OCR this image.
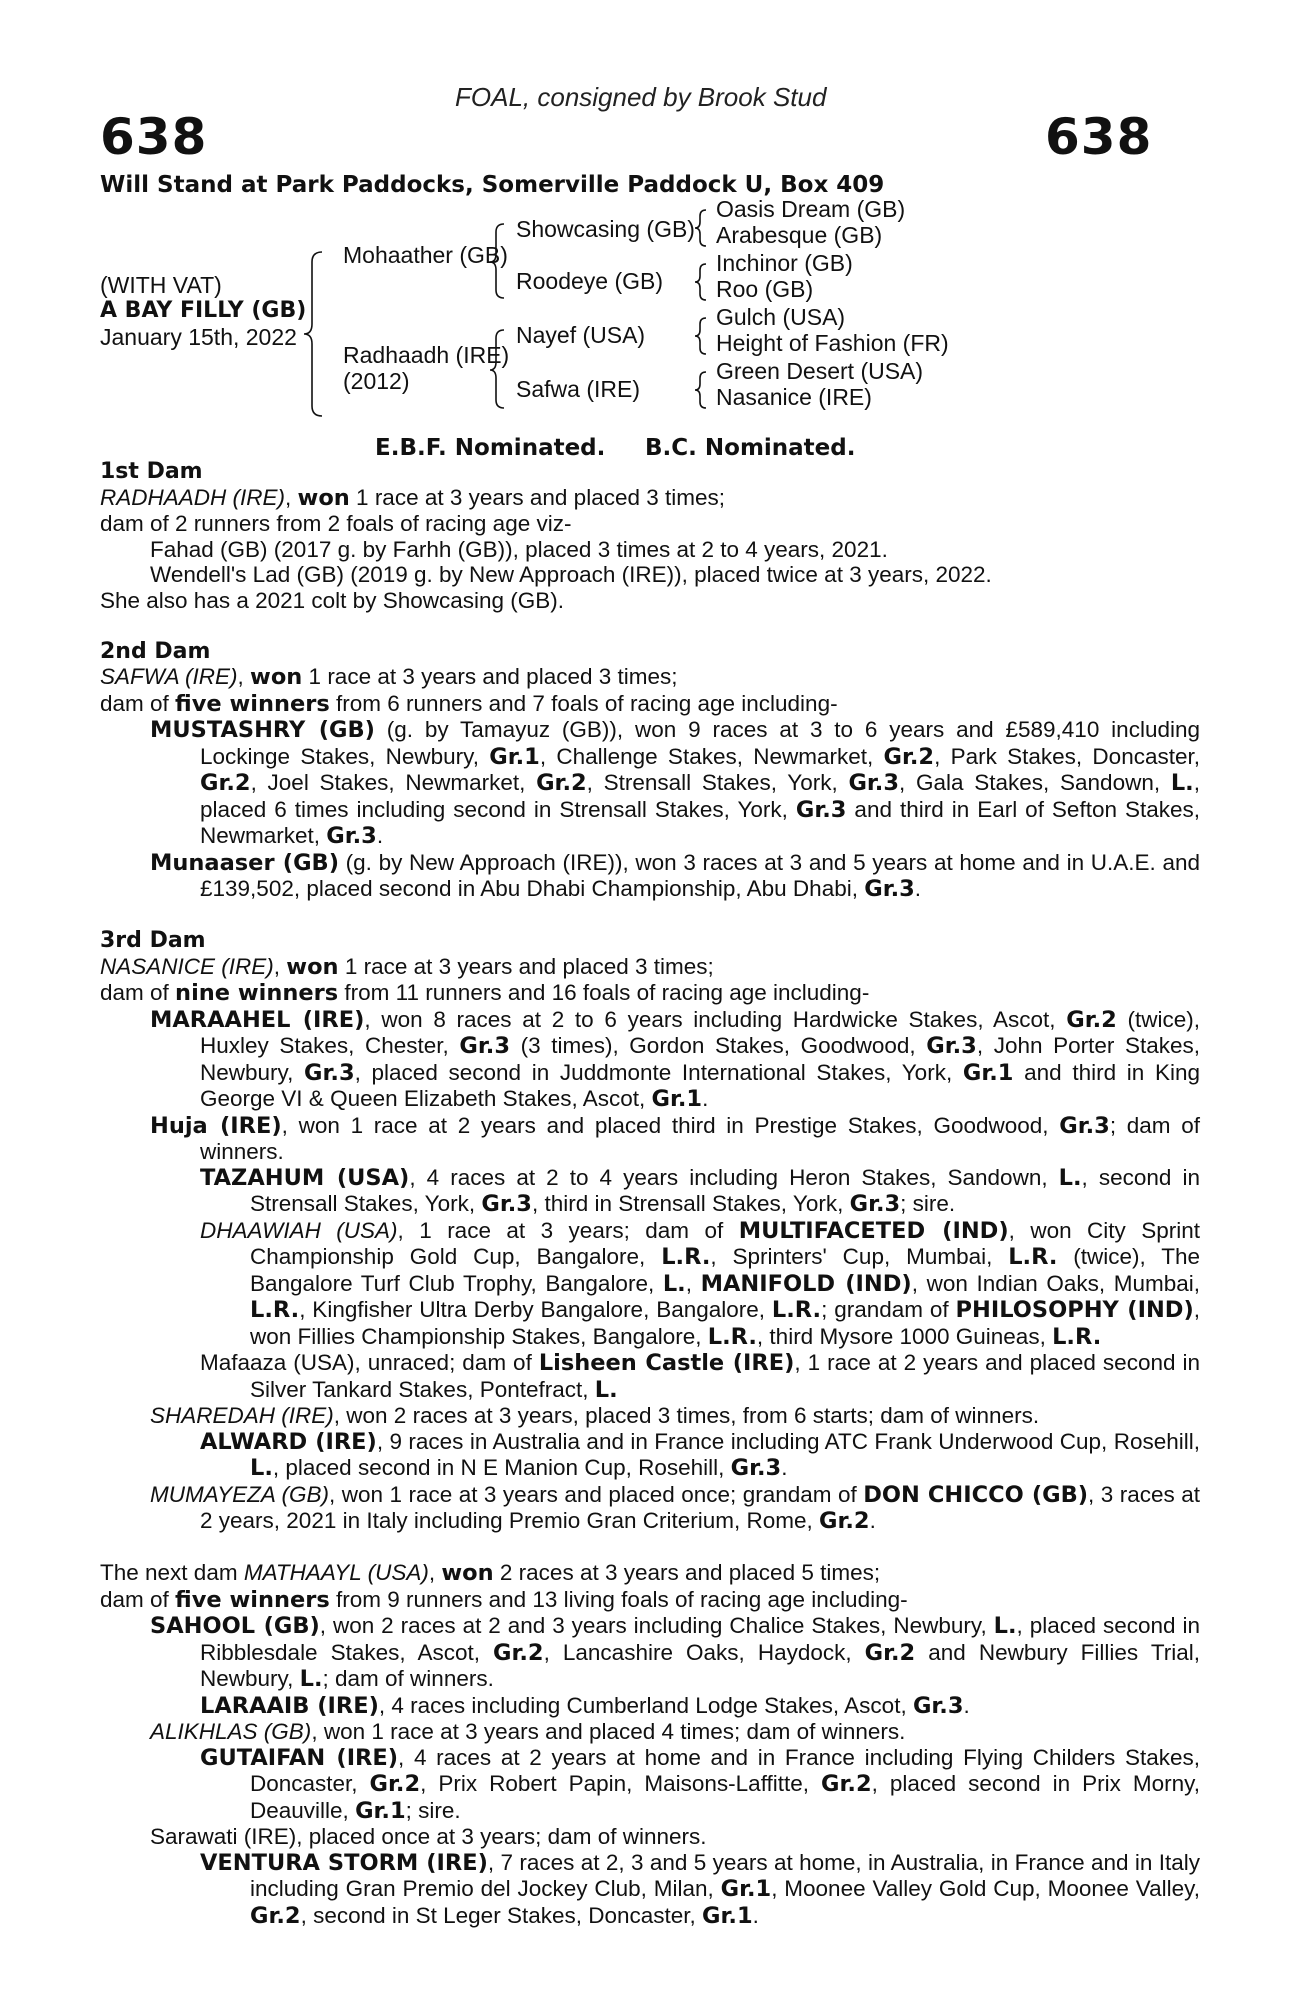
FOAL, consigned by Brook Stud
638	638
Will Stand at Park Paddocks, Somerville Paddock U, Box 409
(WITH VAT)
A BAY FILLY (GB)
January 15th, 2022
Mohaather (GB)
Radhaadh (IRE)
(2012)
Showcasing (GB)
Roodeye (GB)
Nayef (USA)
Safwa (IRE)
Oasis Dream (GB)
Arabesque (GB)
Inchinor (GB)
Roo (GB)
Gulch (USA)
Height of Fashion (FR)
Green Desert (USA)
Nasanice (IRE)
E.B.F. Nominated. B.C. Nominated.
1st Dam

RADHAADH (IRE), won 1 race at 3 years and placed 3 times;

dam of 2 runners from 2 foals of racing age viz-

Fahad (GB) (2017 g. by Farhh (GB)), placed 3 times at 2 to 4 years, 2021.

Wendell's Lad (GB) (2019 g. by New Approach (IRE)), placed twice at 3 years, 2022.

She also has a 2021 colt by Showcasing (GB).

2nd Dam

SAFWA (IRE), won 1 race at 3 years and placed 3 times;

dam of five winners from 6 runners and 7 foals of racing age including-

MUSTASHRY (GB) (g. by Tamayuz (GB)), won 9 races at 3 to 6 years and £589,410 including Lockinge Stakes, Newbury, Gr.1, Challenge Stakes, Newmarket, Gr.2, Park Stakes, Doncaster, Gr.2, Joel Stakes, Newmarket, Gr.2, Strensall Stakes, York, Gr.3, Gala Stakes, Sandown, L., placed 6 times including second in Strensall Stakes, York, Gr.3 and third in Earl of Sefton Stakes, Newmarket, Gr.3.

Munaaser (GB) (g. by New Approach (IRE)), won 3 races at 3 and 5 years at home and in U.A.E. and £139,502, placed second in Abu Dhabi Championship, Abu Dhabi, Gr.3.

3rd Dam

NASANICE (IRE), won 1 race at 3 years and placed 3 times;

dam of nine winners from 11 runners and 16 foals of racing age including-

MARAAHEL (IRE), won 8 races at 2 to 6 years including Hardwicke Stakes, Ascot, Gr.2 (twice), Huxley Stakes, Chester, Gr.3 (3 times), Gordon Stakes, Goodwood, Gr.3, John Porter Stakes, Newbury, Gr.3, placed second in Juddmonte International Stakes, York, Gr.1 and third in King George VI & Queen Elizabeth Stakes, Ascot, Gr.1.

Huja (IRE), won 1 race at 2 years and placed third in Prestige Stakes, Goodwood, Gr.3; dam of winners.

TAZAHUM (USA), 4 races at 2 to 4 years including Heron Stakes, Sandown, L., second in Strensall Stakes, York, Gr.3, third in Strensall Stakes, York, Gr.3; sire.

DHAAWIAH (USA), 1 race at 3 years; dam of MULTIFACETED (IND), won City Sprint Championship Gold Cup, Bangalore, L.R., Sprinters' Cup, Mumbai, L.R. (twice), The Bangalore Turf Club Trophy, Bangalore, L., MANIFOLD (IND), won Indian Oaks, Mumbai, L.R., Kingfisher Ultra Derby Bangalore, Bangalore, L.R.; grandam of PHILOSOPHY (IND), won Fillies Championship Stakes, Bangalore, L.R., third Mysore 1000 Guineas, L.R.

Mafaaza (USA), unraced; dam of Lisheen Castle (IRE), 1 race at 2 years and placed second in Silver Tankard Stakes, Pontefract, L.

SHAREDAH (IRE), won 2 races at 3 years, placed 3 times, from 6 starts; dam of winners.

ALWARD (IRE), 9 races in Australia and in France including ATC Frank Underwood Cup, Rosehill, L., placed second in N E Manion Cup, Rosehill, Gr.3.

MUMAYEZA (GB), won 1 race at 3 years and placed once; grandam of DON CHICCO (GB), 3 races at 2 years, 2021 in Italy including Premio Gran Criterium, Rome, Gr.2.

The next dam MATHAAYL (USA), won 2 races at 3 years and placed 5 times;

dam of five winners from 9 runners and 13 living foals of racing age including-

SAHOOL (GB), won 2 races at 2 and 3 years including Chalice Stakes, Newbury, L., placed second in Ribblesdale Stakes, Ascot, Gr.2, Lancashire Oaks, Haydock, Gr.2 and Newbury Fillies Trial, Newbury, L.; dam of winners.

LARAAIB (IRE), 4 races including Cumberland Lodge Stakes, Ascot, Gr.3.

ALIKHLAS (GB), won 1 race at 3 years and placed 4 times; dam of winners.

GUTAIFAN (IRE), 4 races at 2 years at home and in France including Flying Childers Stakes, Doncaster, Gr.2, Prix Robert Papin, Maisons-Laffitte, Gr.2, placed second in Prix Morny, Deauville, Gr.1; sire.

Sarawati (IRE), placed once at 3 years; dam of winners.

VENTURA STORM (IRE), 7 races at 2, 3 and 5 years at home, in Australia, in France and in Italy including Gran Premio del Jockey Club, Milan, Gr.1, Moonee Valley Gold Cup, Moonee Valley, Gr.2, second in St Leger Stakes, Doncaster, Gr.1.
